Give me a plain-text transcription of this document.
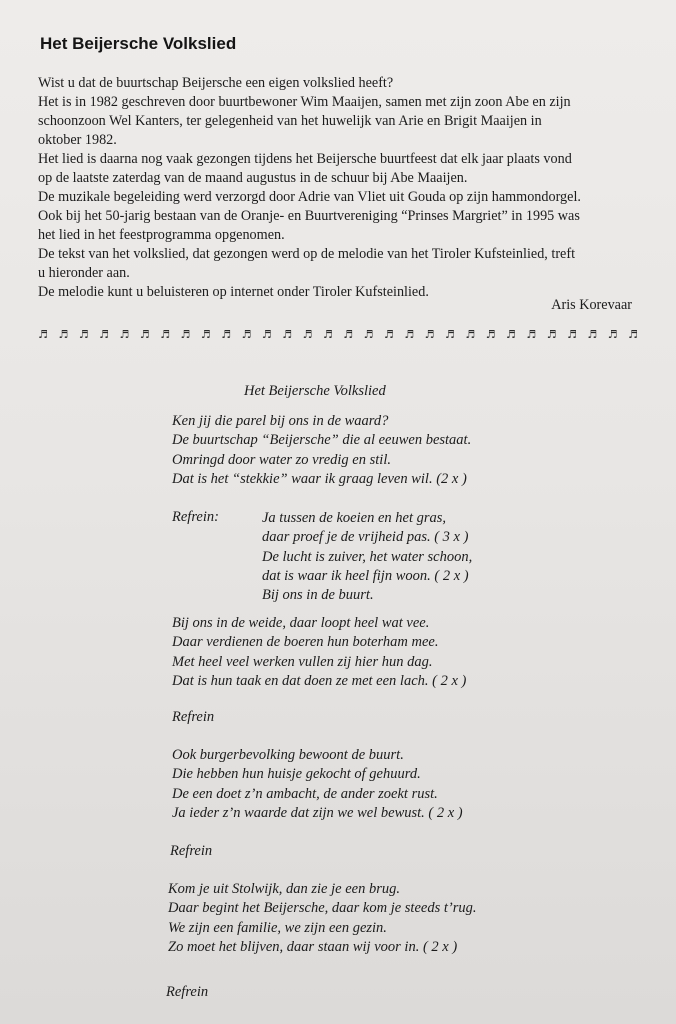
Het Beijersche Volkslied
Wist u dat de buurtschap Beijersche een eigen volkslied heeft?
Het is in 1982 geschreven door buurtbewoner Wim Maaijen, samen met zijn zoon Abe en zijn
schoonzoon Wel Kanters, ter gelegenheid van het huwelijk van Arie en Brigit Maaijen in
oktober 1982.
Het lied is daarna nog vaak gezongen tijdens het Beijersche buurtfeest dat elk jaar plaats vond
op de laatste zaterdag van de maand augustus in de schuur bij Abe Maaijen.
De muzikale begeleiding werd verzorgd door Adrie van Vliet uit Gouda op zijn hammondorgel.
Ook bij het 50-jarig bestaan van de Oranje- en Buurtvereniging “Prinses Margriet” in 1995 was
het lied in het feestprogramma opgenomen.
De tekst van het volkslied, dat gezongen werd op de melodie van het Tiroler Kufsteinlied, treft
u hieronder aan.
De melodie kunt u beluisteren op internet onder Tiroler Kufsteinlied.
Aris Korevaar
♬ ♬ ♬ ♬ ♬ ♬ ♬ ♬ ♬ ♬ ♬ ♬ ♬ ♬ ♬ ♬ ♬ ♬ ♬ ♬ ♬ ♬ ♬ ♬ ♬ ♬ ♬ ♬ ♬ ♬
Het Beijersche Volkslied
Ken jij die parel bij ons in de waard?
De buurtschap “Beijersche” die al eeuwen bestaat.
Omringd door water zo vredig en stil.
Dat is het “stekkie” waar ik graag leven wil. (2 x )
Refrein:	Ja tussen de koeien en het gras,
daar proef je de vrijheid pas. ( 3 x )
De lucht is zuiver, het water schoon,
dat is waar ik heel fijn woon. ( 2 x )
Bij ons in de buurt.
Bij ons in de weide, daar loopt heel wat vee.
Daar verdienen de boeren hun boterham mee.
Met heel veel werken vullen zij hier hun dag.
Dat is hun taak en dat doen ze met een lach. ( 2 x )
Refrein
Ook burgerbevolking bewoont de buurt.
Die hebben hun huisje gekocht of gehuurd.
De een doet z’n ambacht, de ander zoekt rust.
Ja ieder z’n waarde dat zijn we wel bewust. ( 2 x )
Refrein
Kom je uit Stolwijk, dan zie je een brug.
Daar begint het Beijersche, daar kom je steeds t’rug.
We zijn een familie, we zijn een gezin.
Zo moet het blijven, daar staan wij voor in. ( 2 x )
Refrein
